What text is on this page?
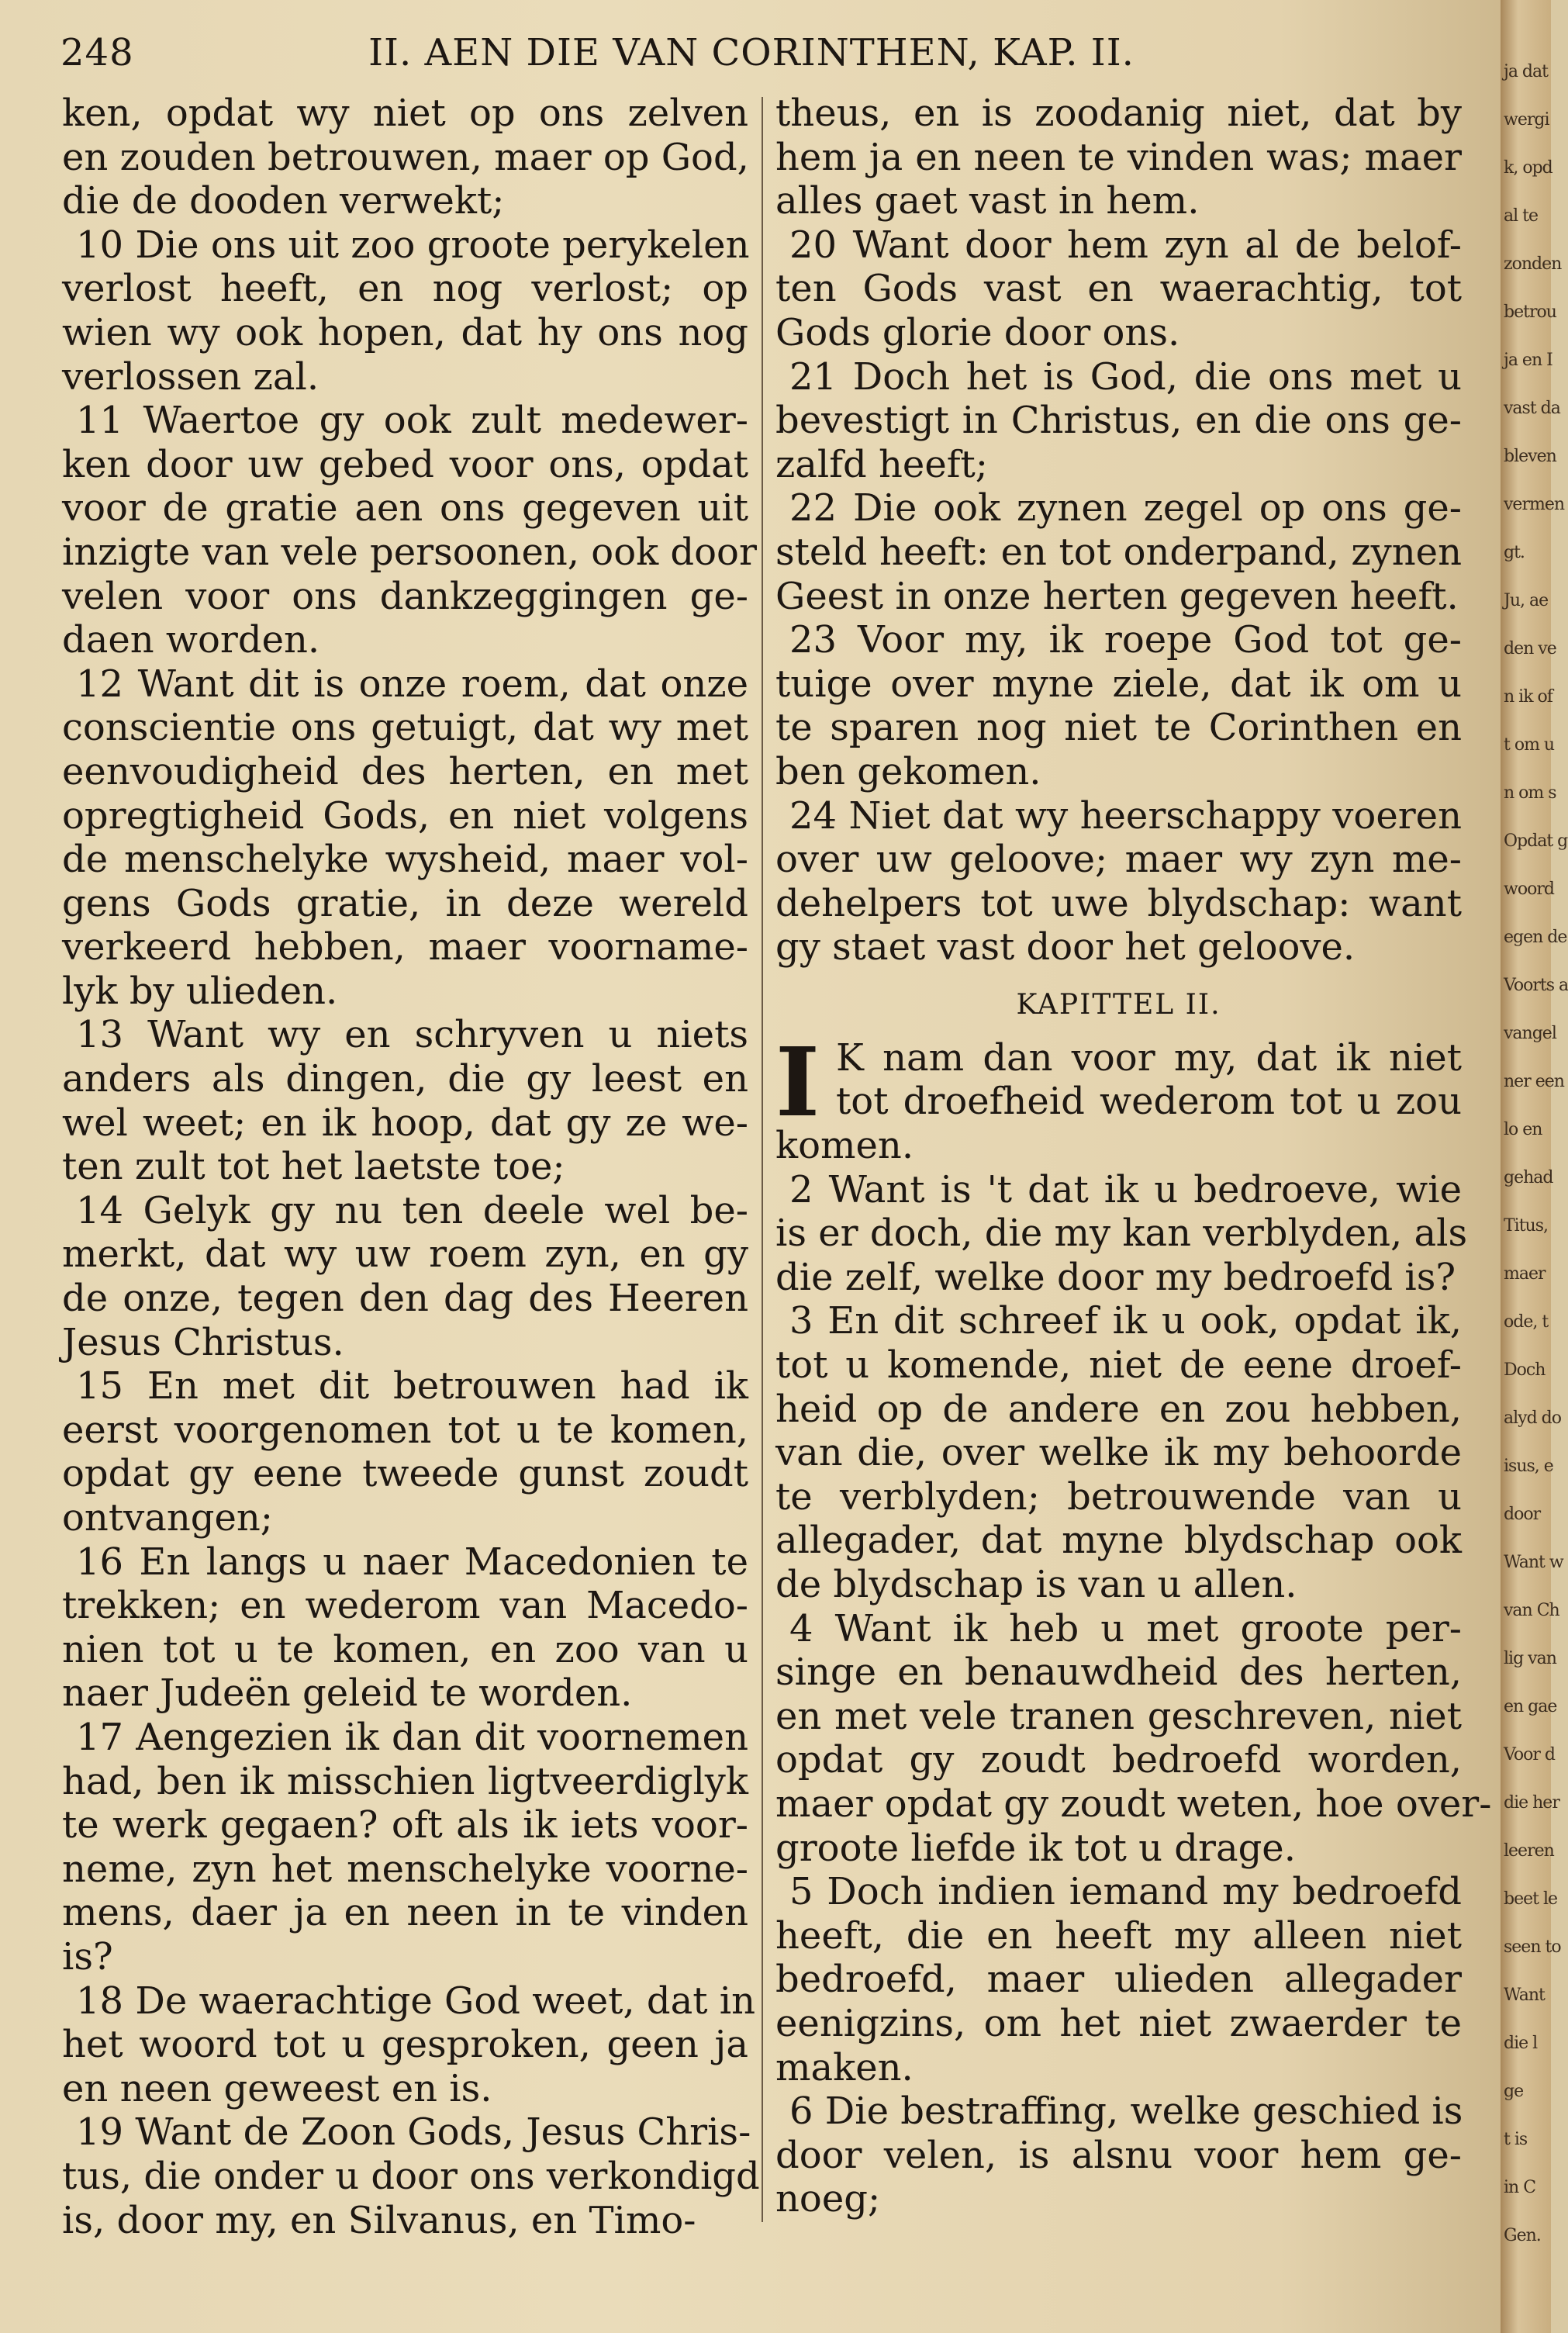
248	II. AEN DIE VAN CORINTHEN, KAP. II.
ken, opdat wy niet op ons zelven
en zouden betrouwen, maer op God,
die de dooden verwekt;
10 Die ons uit zoo groote perykelen
verlost heeft, en nog verlost; op
wien wy ook hopen, dat hy ons nog
verlossen zal.
11 Waertoe gy ook zult medewer-
ken door uw gebed voor ons, opdat
voor de gratie aen ons gegeven uit
inzigte van vele persoonen, ook door
velen voor ons dankzeggingen ge-
daen worden.
12 Want dit is onze roem, dat onze
conscientie ons getuigt, dat wy met
eenvoudigheid des herten, en met
opregtigheid Gods, en niet volgens
de menschelyke wysheid, maer vol-
gens Gods gratie, in deze wereld
verkeerd hebben, maer voorname-
lyk by ulieden.
13 Want wy en schryven u niets
anders als dingen, die gy leest en
wel weet; en ik hoop, dat gy ze we-
ten zult tot het laetste toe;
14 Gelyk gy nu ten deele wel be-
merkt, dat wy uw roem zyn, en gy
de onze, tegen den dag des Heeren
Jesus Christus.
15 En met dit betrouwen had ik
eerst voorgenomen tot u te komen,
opdat gy eene tweede gunst zoudt
ontvangen;
16 En langs u naer Macedonien te
trekken; en wederom van Macedo-
nien tot u te komen, en zoo van u
naer Judeën geleid te worden.
17 Aengezien ik dan dit voornemen
had, ben ik misschien ligtveerdiglyk
te werk gegaen? oft als ik iets voor-
neme, zyn het menschelyke voorne-
mens, daer ja en neen in te vinden
is?
18 De waerachtige God weet, dat in
het woord tot u gesproken, geen ja
en neen geweest en is.
19 Want de Zoon Gods, Jesus Chris-
tus, die onder u door ons verkondigd
is, door my, en Silvanus, en Timo-
theus, en is zoodanig niet, dat by
hem ja en neen te vinden was; maer
alles gaet vast in hem.
20 Want door hem zyn al de belof-
ten Gods vast en waerachtig, tot
Gods glorie door ons.
21 Doch het is God, die ons met u
bevestigt in Christus, en die ons ge-
zalfd heeft;
22 Die ook zynen zegel op ons ge-
steld heeft: en tot onderpand, zynen
Geest in onze herten gegeven heeft.
23 Voor my, ik roepe God tot ge-
tuige over myne ziele, dat ik om u
te sparen nog niet te Corinthen en
ben gekomen.
24 Niet dat wy heerschappy voeren
over uw geloove; maer wy zyn me-
dehelpers tot uwe blydschap: want
gy staet vast door het geloove.
KAPITTEL II.
I K nam dan voor my, dat ik niet
tot droefheid wederom tot u zou
komen.
2 Want is 't dat ik u bedroeve, wie
is er doch, die my kan verblyden, als
die zelf, welke door my bedroefd is?
3 En dit schreef ik u ook, opdat ik,
tot u komende, niet de eene droef-
heid op de andere en zou hebben,
van die, over welke ik my behoorde
te verblyden; betrouwende van u
allegader, dat myne blydschap ook
de blydschap is van u allen.
4 Want ik heb u met groote per-
singe en benauwdheid des herten,
en met vele tranen geschreven, niet
opdat gy zoudt bedroefd worden,
maer opdat gy zoudt weten, hoe over-
groote liefde ik tot u drage.
5 Doch indien iemand my bedroefd
heeft, die en heeft my alleen niet
bedroefd, maer ulieden allegader
eenigzins, om het niet zwaerder te
maken.
6 Die bestraffing, welke geschied is
door velen, is alsnu voor hem ge-
noeg;
ja dat
wergi
k, opd
al te
zonden
betrou
ja en I
vast da
bleven
vermen
gt.
Ju, ae
den ve
n ik of
t om u
n om s
Opdat g
woord
egen de
Voorts a
vangel
ner een
lo en
gehad
Titus,
maer
ode, t
Doch
alyd do
isus, e
door
Want w
van Ch
lig van
en gae
Voor d
die her
leeren
beet le
seen to
Want
die l
ge
t is
in C
Gen.
